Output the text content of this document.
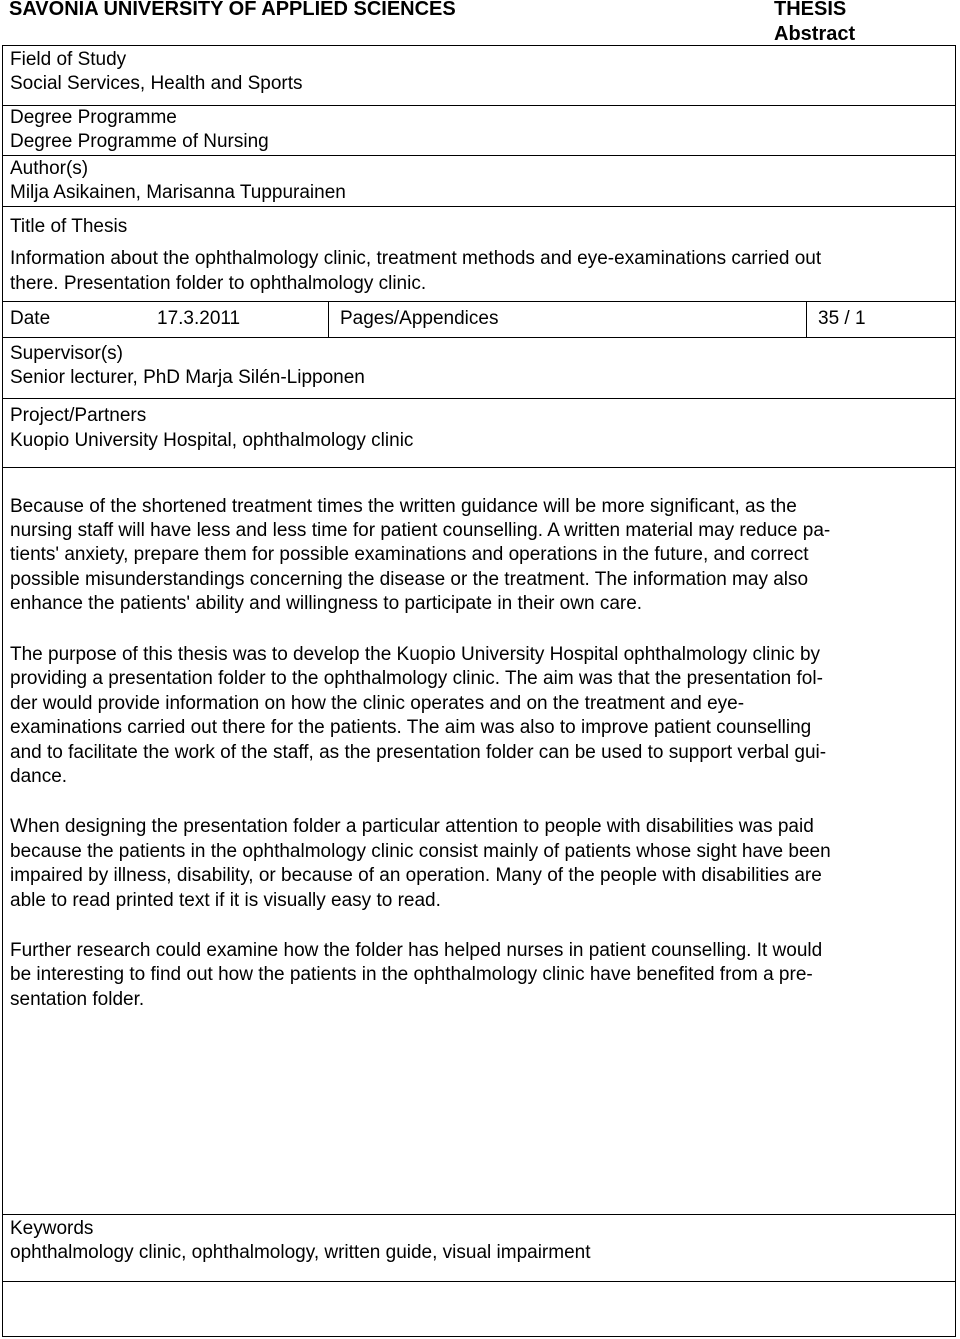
SAVONIA UNIVERSITY OF APPLIED SCIENCES	THESIS
Abstract
Field of Study
Social Services, Health and Sports
Degree Programme
Degree Programme of Nursing
Author(s)
Milja Asikainen, Marisanna Tuppurainen
Title of Thesis
Information about the ophthalmology clinic, treatment methods and eye-examinations carried out
there. Presentation folder to ophthalmology clinic.
Date	17.3.2011	Pages/Appendices	35 / 1
Supervisor(s)
Senior lecturer, PhD Marja Silén-Lipponen
Project/Partners
Kuopio University Hospital, ophthalmology clinic
Because of the shortened treatment times the written guidance will be more significant, as the
nursing staff will have less and less time for patient counselling. A written material may reduce pa-
tients' anxiety, prepare them for possible examinations and operations in the future, and correct
possible misunderstandings concerning the disease or the treatment. The information may also
enhance the patients' ability and willingness to participate in their own care.
The purpose of this thesis was to develop the Kuopio University Hospital ophthalmology clinic by
providing a presentation folder to the ophthalmology clinic. The aim was that the presentation fol-
der would provide information on how the clinic operates and on the treatment and eye-
examinations carried out there for the patients. The aim was also to improve patient counselling
and to facilitate the work of the staff, as the presentation folder can be used to support verbal gui-
dance.
When designing the presentation folder a particular attention to people with disabilities was paid
because the patients in the ophthalmology clinic consist mainly of patients whose sight have been
impaired by illness, disability, or because of an operation. Many of the people with disabilities are
able to read printed text if it is visually easy to read.
Further research could examine how the folder has helped nurses in patient counselling. It would
be interesting to find out how the patients in the ophthalmology clinic have benefited from a pre-
sentation folder.
Keywords
ophthalmology clinic, ophthalmology, written guide, visual impairment
